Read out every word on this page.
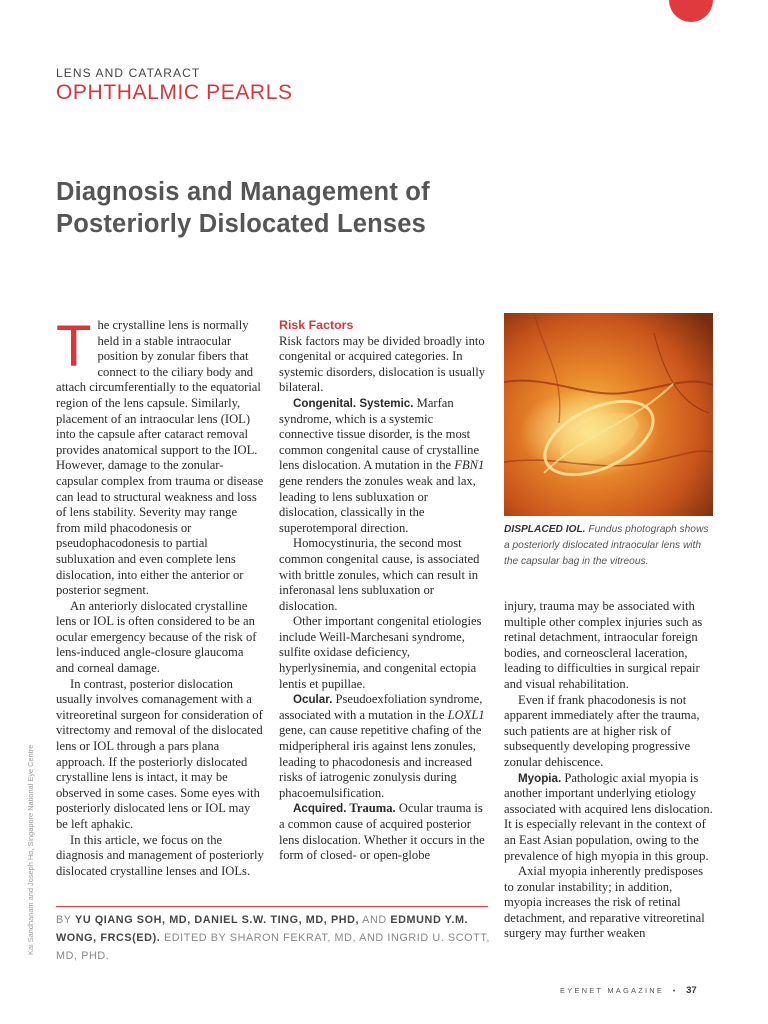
LENS AND CATARACT
OPHTHALMIC PEARLS
Diagnosis and Management of
Posteriorly Dislocated Lenses

The crystalline lens is normally held in a stable intraocular position by zonular fibers that connect to the ciliary body and attach circumferentially to the equatorial region of the lens capsule. Similarly, placement of an intraocular lens (IOL) into the capsule after cataract removal provides anatomical support to the IOL. However, damage to the zonular-capsular complex from trauma or disease can lead to structural weakness and loss of lens stability. Severity may range from mild phacodonesis or pseudophacodonesis to partial subluxation and even complete lens dislocation, into either the anterior or posterior segment.

An anteriorly dislocated crystalline lens or IOL is often considered to be an ocular emergency because of the risk of lens-induced angle-closure glaucoma and corneal damage.

In contrast, posterior dislocation usually involves comanagement with a vitreoretinal surgeon for consideration of vitrectomy and removal of the dislocated lens or IOL through a pars plana approach. If the posteriorly dislocated crystalline lens is intact, it may be observed in some cases. Some eyes with posteriorly dislocated lens or IOL may be left aphakic.

In this article, we focus on the diagnosis and management of posteriorly dislocated crystalline lenses and IOLs.

Risk Factors

Risk factors may be divided broadly into congenital or acquired categories. In systemic disorders, dislocation is usually bilateral.

Congenital. Systemic. Marfan syndrome, which is a systemic connective tissue disorder, is the most common congenital cause of crystalline lens dislocation. A mutation in the FBN1 gene renders the zonules weak and lax, leading to lens subluxation or dislocation, classically in the superotemporal direction.

Homocystinuria, the second most common congenital cause, is associated with brittle zonules, which can result in inferonasal lens subluxation or dislocation.

Other important congenital etiologies include Weill-Marchesani syndrome, sulfite oxidase deficiency, hyperlysinemia, and congenital ectopia lentis et pupillae.

Ocular. Pseudoexfoliation syndrome, associated with a mutation in the LOXL1 gene, can cause repetitive chafing of the midperipheral iris against lens zonules, leading to phacodonesis and increased risks of iatrogenic zonulysis during phacoemulsification.

Acquired. Trauma. Ocular trauma is a common cause of acquired posterior lens dislocation. Whether it occurs in the form of closed- or open-globe

DISPLACED IOL. Fundus photograph shows a posteriorly dislocated intraocular lens with the capsular bag in the vitreous.

injury, trauma may be associated with multiple other complex injuries such as retinal detachment, intraocular foreign bodies, and corneoscleral laceration, leading to difficulties in surgical repair and visual rehabilitation.

Even if frank phacodonesis is not apparent immediately after the trauma, such patients are at higher risk of subsequently developing progressive zonular dehiscence.

Myopia. Pathologic axial myopia is another important underlying etiology associated with acquired lens dislocation. It is especially relevant in the context of an East Asian population, owing to the prevalence of high myopia in this group.

Axial myopia inherently predisposes to zonular instability; in addition, myopia increases the risk of retinal detachment, and reparative vitreoretinal surgery may further weaken

BY YU QIANG SOH, MD, DANIEL S.W. TING, MD, PHD, AND EDMUND Y.M. WONG, FRCS(ED). EDITED BY SHARON FEKRAT, MD, AND INGRID U. SCOTT, MD, PHD.
Kai Sandhanam and Joseph Ho, Singapore National Eye Centre
EYENET MAGAZINE • 37
